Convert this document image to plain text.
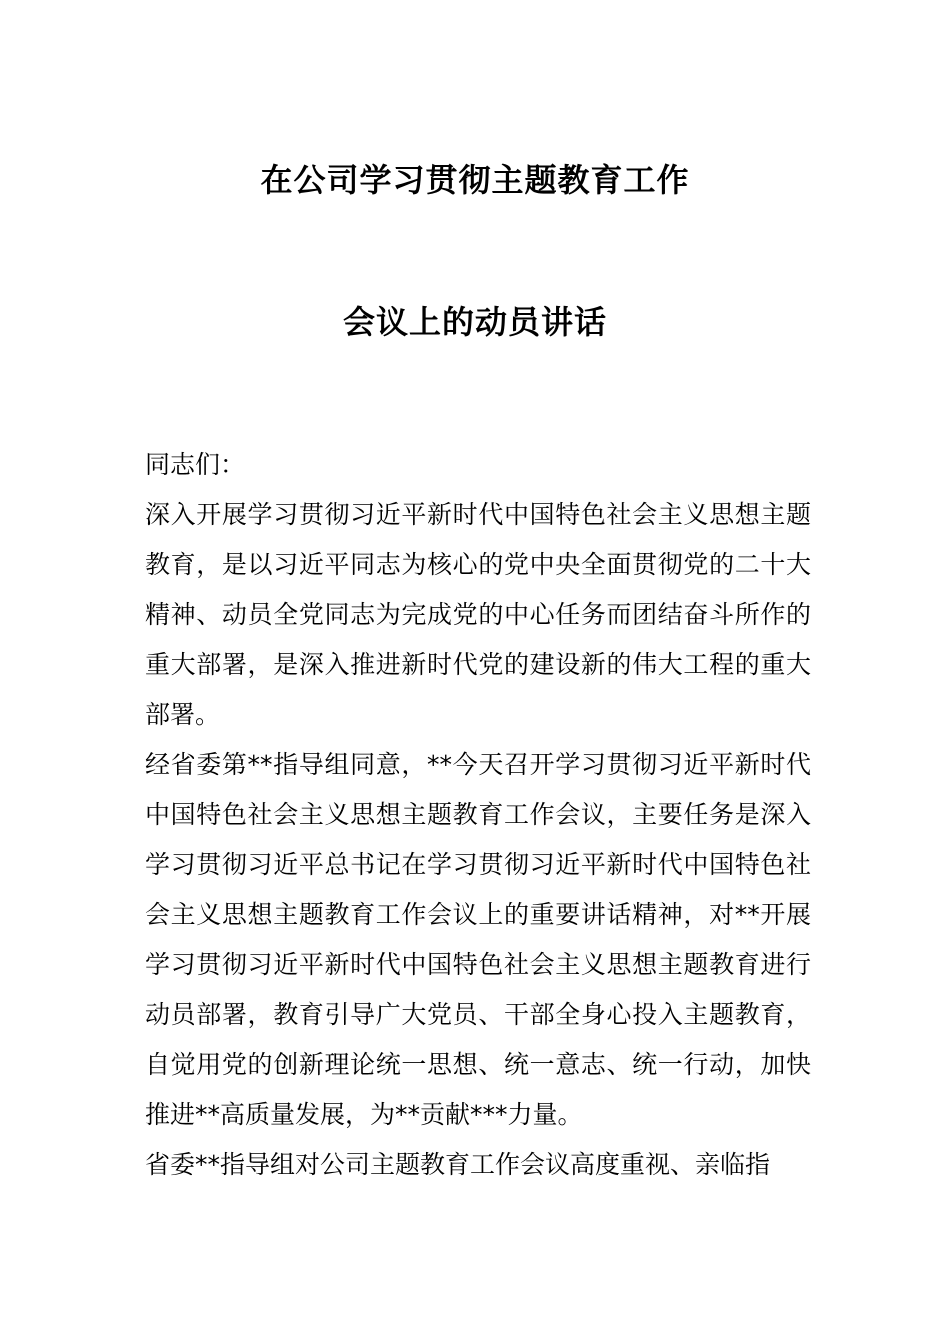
在公司学习贯彻主题教育工作
会议上的动员讲话

同志们：

深入开展学习贯彻习近平新时代中国特色社会主义思想主题教育，是以习近平同志为核心的党中央全面贯彻党的二十大精神、动员全党同志为完成党的中心任务而团结奋斗所作的重大部署，是深入推进新时代党的建设新的伟大工程的重大部署。

经省委第**指导组同意，**今天召开学习贯彻习近平新时代中国特色社会主义思想主题教育工作会议，主要任务是深入学习贯彻习近平总书记在学习贯彻习近平新时代中国特色社会主义思想主题教育工作会议上的重要讲话精神，对**开展学习贯彻习近平新时代中国特色社会主义思想主题教育进行动员部署，教育引导广大党员、干部全身心投入主题教育，自觉用党的创新理论统一思想、统一意志、统一行动，加快推进**高质量发展，为**贡献***力量。

省委**指导组对公司主题教育工作会议高度重视、亲临指
